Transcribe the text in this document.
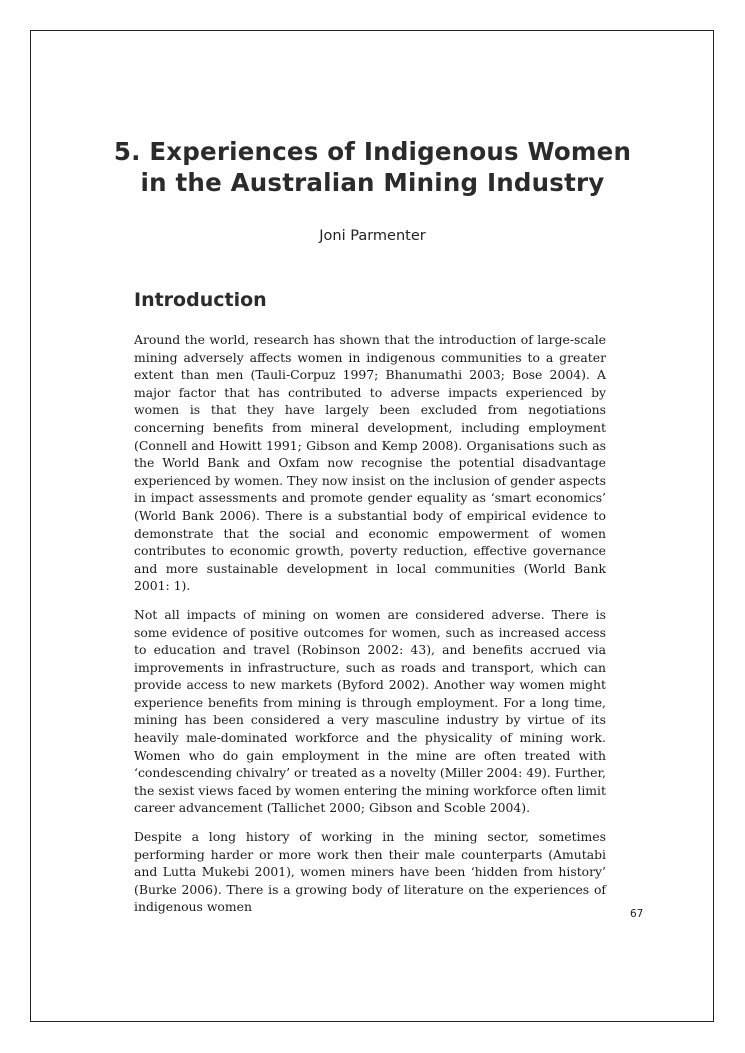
5. Experiences of Indigenous Women
in the Australian Mining Industry
Joni Parmenter
Introduction

Around the world, research has shown that the introduction of large-scale mining adversely affects women in indigenous communities to a greater extent than men (Tauli-Corpuz 1997; Bhanumathi 2003; Bose 2004). A major factor that has contributed to adverse impacts experienced by women is that they have largely been excluded from negotiations concerning benefits from mineral development, including employment (Connell and Howitt 1991; Gibson and Kemp 2008). Organisations such as the World Bank and Oxfam now recognise the potential disadvantage experienced by women. They now insist on the inclusion of gender aspects in impact assessments and promote gender equality as ‘smart economics’ (World Bank 2006). There is a substantial body of empirical evidence to demonstrate that the social and economic empowerment of women contributes to economic growth, poverty reduction, effective governance and more sustainable development in local communities (World Bank 2001: 1).

Not all impacts of mining on women are considered adverse. There is some evidence of positive outcomes for women, such as increased access to education and travel (Robinson 2002: 43), and benefits accrued via improvements in infrastructure, such as roads and transport, which can provide access to new markets (Byford 2002). Another way women might experience benefits from mining is through employment. For a long time, mining has been considered a very masculine industry by virtue of its heavily male-dominated workforce and the physicality of mining work. Women who do gain employment in the mine are often treated with ‘condescending chivalry’ or treated as a novelty (Miller 2004: 49). Further, the sexist views faced by women entering the mining workforce often limit career advancement (Tallichet 2000; Gibson and Scoble 2004).

Despite a long history of working in the mining sector, sometimes performing harder or more work then their male counterparts (Amutabi and Lutta Mukebi 2001), women miners have been ‘hidden from history’ (Burke 2006). There is a growing body of literature on the experiences of indigenous women	67
